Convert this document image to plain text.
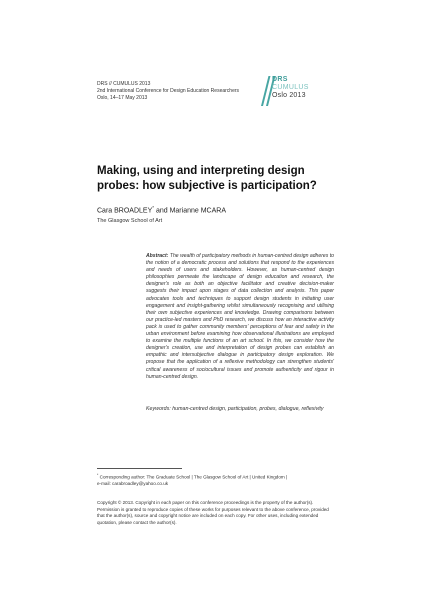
DRS // CUMULUS 2013
2nd International Conference for Design Education Researchers
Oslo, 14–17 May 2013
DRS
CUMULUS
Oslo 2013
Making, using and interpreting design probes: how subjective is participation?
Cara BROADLEY* and Marianne MCARA
The Glasgow School of Art
Abstract: The wealth of participatory methods in human-centred design adheres to the notion of a democratic process and solutions that respond to the experiences and needs of users and stakeholders. However, as human-centred design philosophies permeate the landscape of design education and research, the designer's role as both an objective facilitator and creative decision-maker suggests their impact upon stages of data collection and analysis. This paper advocates tools and techniques to support design students in initiating user engagement and insight-gathering whilst simultaneously recognising and utilising their own subjective experiences and knowledge. Drawing comparisons between our practice-led masters and PhD research, we discuss how an interactive activity pack is used to gather community members' perceptions of fear and safety in the urban environment before examining how observational illustrations are employed to examine the multiple functions of an art school. In this, we consider how the designer's creation, use and interpretation of design probes can establish an empathic and intersubjective dialogue in participatory design exploration. We propose that the application of a reflexive methodology can strengthen students' critical awareness of sociocultural issues and promote authenticity and rigour in human-centred design.
Keywords: human-centred design, participation, probes, dialogue, reflexivity
* Corresponding author: The Graduate School | The Glasgow School of Art | United Kingdom |
e-mail: carabroadley@yahoo.co.uk
Copyright © 2013. Copyright in each paper on this conference proceedings is the property of the author(s). Permission is granted to reproduce copies of these works for purposes relevant to the above conference, provided that the author(s), source and copyright notice are included on each copy. For other uses, including extended quotation, please contact the author(s).
